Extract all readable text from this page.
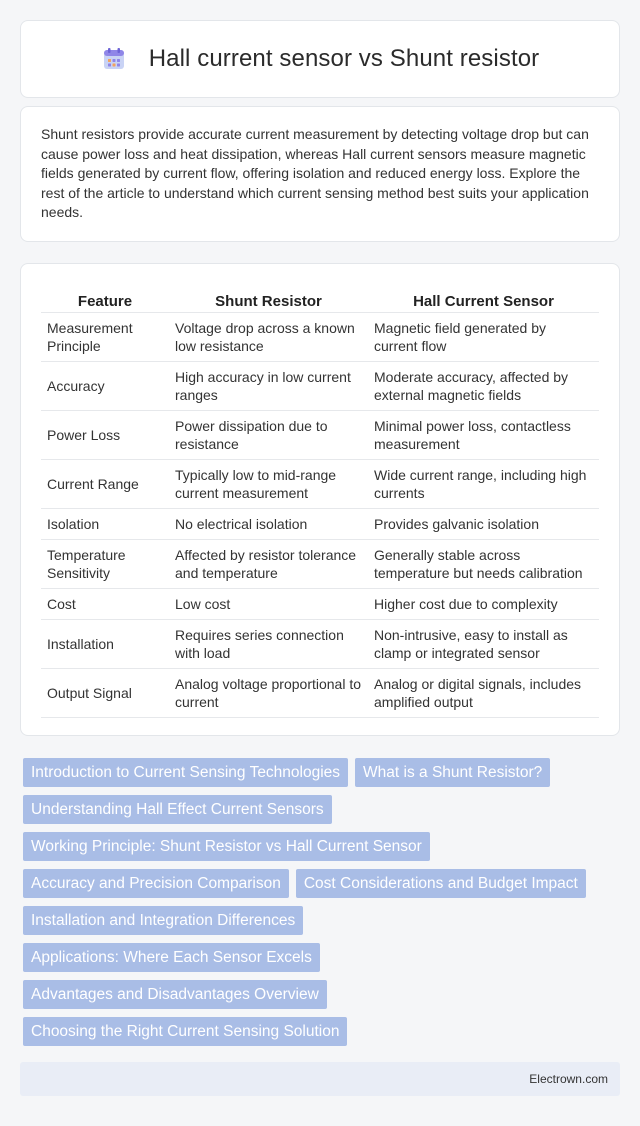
Hall current sensor vs Shunt resistor

Shunt resistors provide accurate current measurement by detecting voltage drop but can cause power loss and heat dissipation, whereas Hall current sensors measure magnetic fields generated by current flow, offering isolation and reduced energy loss. Explore the rest of the article to understand which current sensing method best suits your application needs.

Feature	Shunt Resistor	Hall Current Sensor
Measurement Principle	Voltage drop across a known low resistance	Magnetic field generated by current flow
Accuracy	High accuracy in low current ranges	Moderate accuracy, affected by external magnetic fields
Power Loss	Power dissipation due to resistance	Minimal power loss, contactless measurement
Current Range	Typically low to mid-range current measurement	Wide current range, including high currents
Isolation	No electrical isolation	Provides galvanic isolation
Temperature Sensitivity	Affected by resistor tolerance and temperature	Generally stable across temperature but needs calibration
Cost	Low cost	Higher cost due to complexity
Installation	Requires series connection with load	Non-intrusive, easy to install as clamp or integrated sensor
Output Signal	Analog voltage proportional to current	Analog or digital signals, includes amplified output
Introduction to Current Sensing Technologies	What is a Shunt Resistor?
Understanding Hall Effect Current Sensors
Working Principle: Shunt Resistor vs Hall Current Sensor
Accuracy and Precision Comparison	Cost Considerations and Budget Impact
Installation and Integration Differences
Applications: Where Each Sensor Excels
Advantages and Disadvantages Overview
Choosing the Right Current Sensing Solution
Electrown.com
